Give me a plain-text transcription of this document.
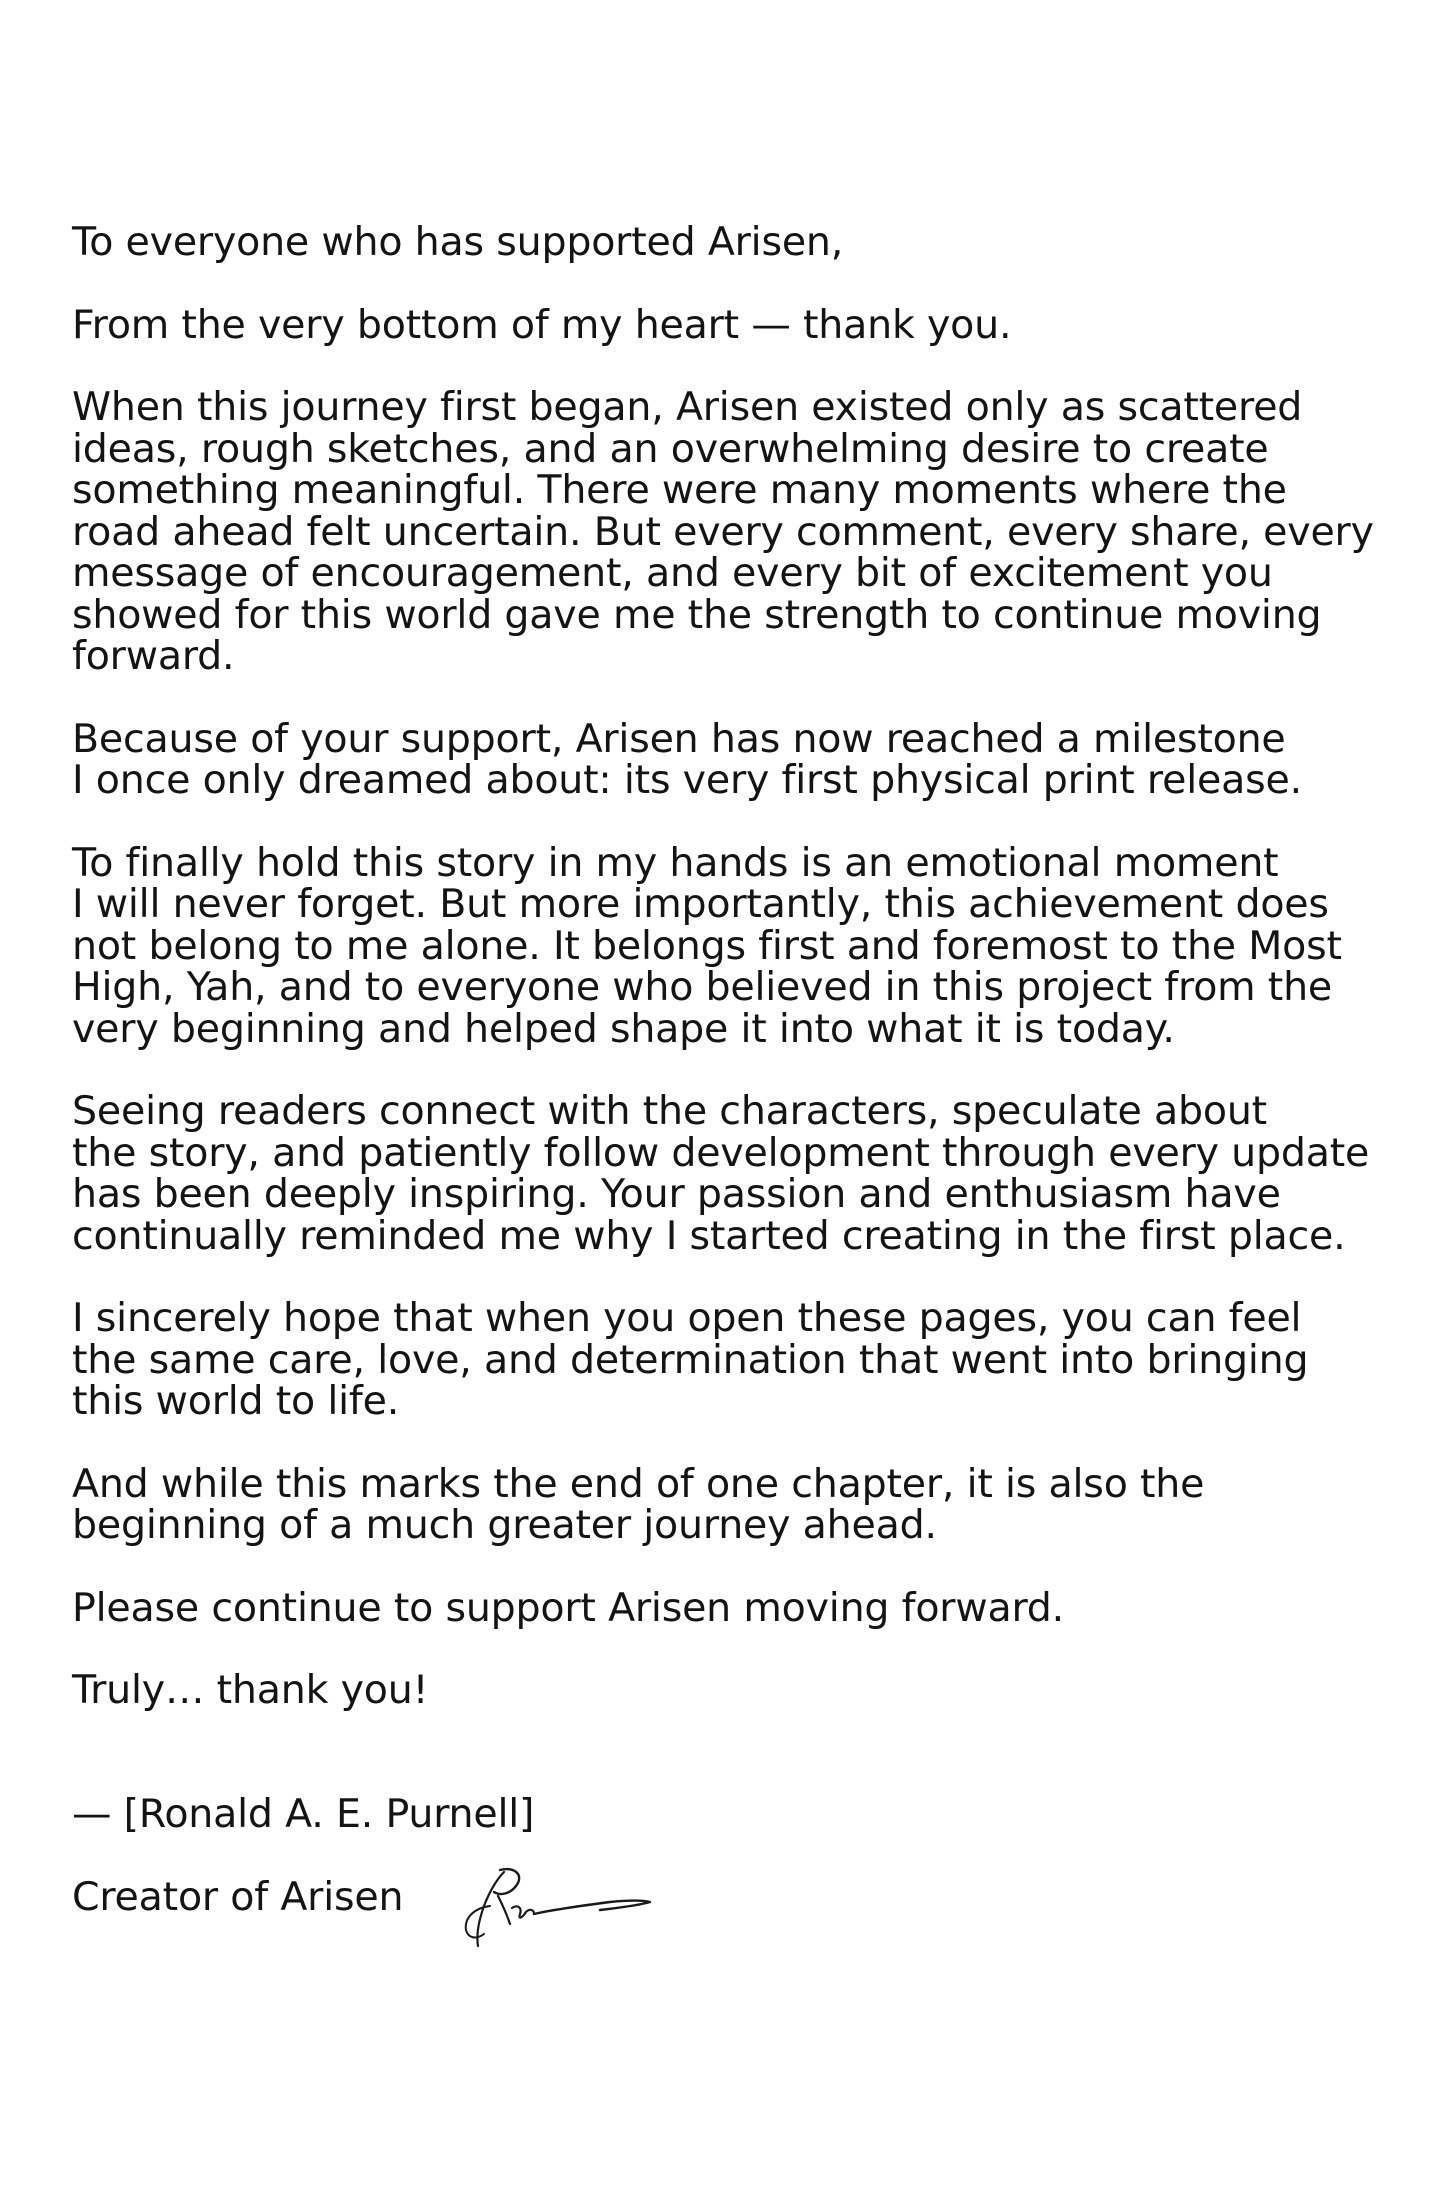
To everyone who has supported Arisen,

From the very bottom of my heart — thank you.

When this journey first began, Arisen existed only as scattered
ideas, rough sketches, and an overwhelming desire to create
something meaningful. There were many moments where the
road ahead felt uncertain. But every comment, every share, every
message of encouragement, and every bit of excitement you
showed for this world gave me the strength to continue moving
forward.

Because of your support, Arisen has now reached a milestone
I once only dreamed about: its very first physical print release.

To finally hold this story in my hands is an emotional moment
I will never forget. But more importantly, this achievement does
not belong to me alone. It belongs first and foremost to the Most
High, Yah, and to everyone who believed in this project from the
very beginning and helped shape it into what it is today.

Seeing readers connect with the characters, speculate about
the story, and patiently follow development through every update
has been deeply inspiring. Your passion and enthusiasm have
continually reminded me why I started creating in the first place.

I sincerely hope that when you open these pages, you can feel
the same care, love, and determination that went into bringing
this world to life.

And while this marks the end of one chapter, it is also the
beginning of a much greater journey ahead.

Please continue to support Arisen moving forward.

Truly… thank you!

— [Ronald A. E. Purnell]

Creator of Arisen
